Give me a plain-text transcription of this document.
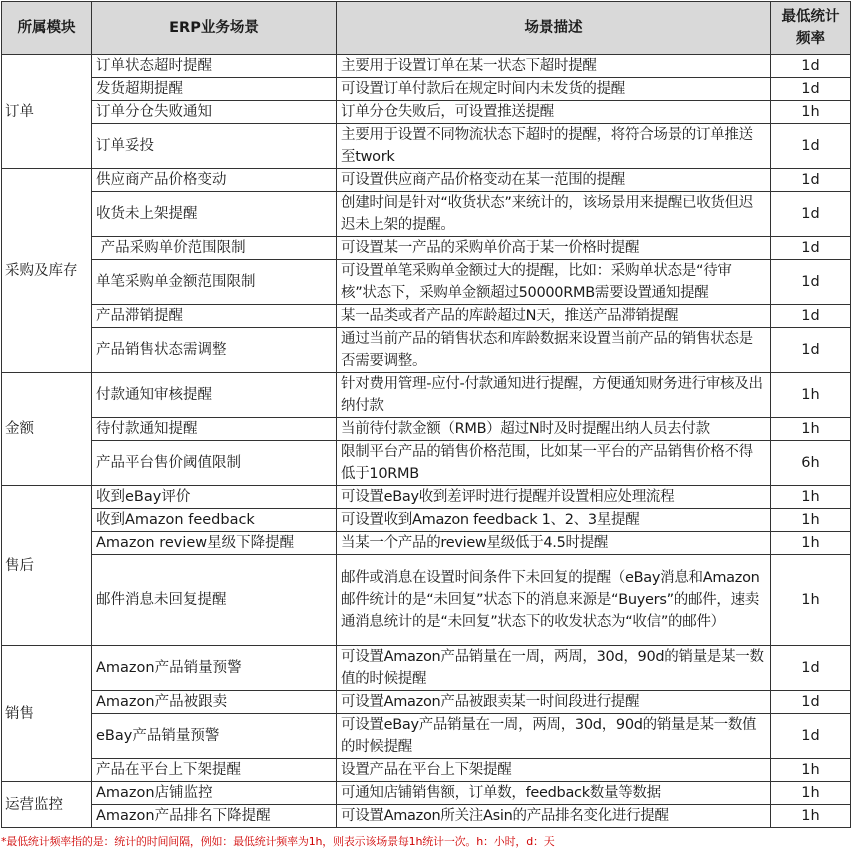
所属模块	ERP业务场景	场景描述	最低统计频率
订单	订单状态超时提醒	主要用于设置订单在某一状态下超时提醒	1d
	发货超期提醒	可设置订单付款后在规定时间内未发货的提醒	1d
	订单分仓失败通知	订单分仓失败后，可设置推送提醒	1h
	订单妥投	主要用于设置不同物流状态下超时的提醒，将符合场景的订单推送至twork	1d
采购及库存	供应商产品价格变动	可设置供应商产品价格变动在某一范围的提醒	1d
	收货未上架提醒	创建时间是针对“收货状态”来统计的，该场景用来提醒已收货但迟迟未上架的提醒。	1d
	产品采购单价范围限制	可设置某一产品的采购单价高于某一价格时提醒	1d
	单笔采购单金额范围限制	可设置单笔采购单金额过大的提醒，比如：采购单状态是“待审核”状态下，采购单金额超过50000RMB需要设置通知提醒	1d
	产品滞销提醒	某一品类或者产品的库龄超过N天，推送产品滞销提醒	1d
	产品销售状态需调整	通过当前产品的销售状态和库龄数据来设置当前产品的销售状态是否需要调整。	1d
金额	付款通知审核提醒	针对费用管理-应付-付款通知进行提醒，方便通知财务进行审核及出纳付款	1h
	待付款通知提醒	当前待付款金额（RMB）超过N时及时提醒出纳人员去付款	1h
	产品平台售价阈值限制	限制平台产品的销售价格范围，比如某一平台的产品销售价格不得低于10RMB	6h
售后	收到eBay评价	可设置eBay收到差评时进行提醒并设置相应处理流程	1h
	收到Amazon feedback	可设置收到Amazon feedback 1、2、3星提醒	1h
	Amazon review星级下降提醒	当某一个产品的review星级低于4.5时提醒	1h
	邮件消息未回复提醒	邮件或消息在设置时间条件下未回复的提醒（eBay消息和Amazon邮件统计的是“未回复”状态下的消息来源是“Buyers”的邮件，速卖通消息统计的是“未回复”状态下的收发状态为“收信”的邮件）	1h
销售	Amazon产品销量预警	可设置Amazon产品销量在一周，两周，30d，90d的销量是某一数值的时候提醒	1d
	Amazon产品被跟卖	可设置Amazon产品被跟卖某一时间段进行提醒	1d
	eBay产品销量预警	可设置eBay产品销量在一周，两周，30d，90d的销量是某一数值的时候提醒	1d
	产品在平台上下架提醒	设置产品在平台上下架提醒	1h
运营监控	Amazon店铺监控	可通知店铺销售额，订单数，feedback数量等数据	1h
	Amazon产品排名下降提醒	可设置Amazon所关注Asin的产品排名变化进行提醒	1h
*最低统计频率指的是：统计的时间间隔，例如：最低统计频率为1h，则表示该场景每1h统计一次。h：小时，d：天
